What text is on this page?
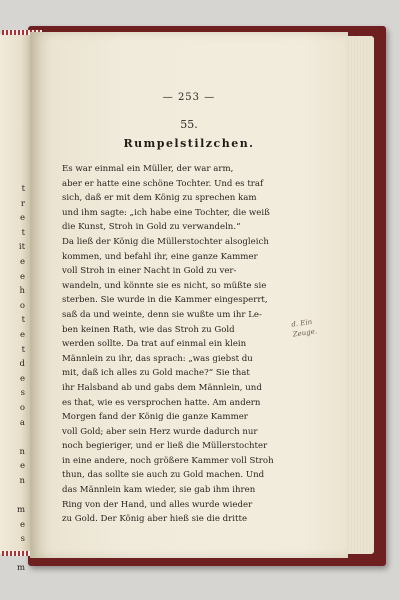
t
r
e
t
it
e
e
h
o
t
e
t
d
e
s
o
a
n
e
n
m
e
s
m
— 253 —
55.
Rumpelstilzchen.
Es war einmal ein Müller, der war arm,
aber er hatte eine schöne Tochter. Und es traf
sich, daß er mit dem König zu sprechen kam
und ihm sagte: „ich habe eine Tochter, die weiß
die Kunst, Stroh in Gold zu verwandeln.“
Da ließ der König die Müllerstochter alsogleich
kommen, und befahl ihr, eine ganze Kammer
voll Stroh in einer Nacht in Gold zu ver-
wandeln, und könnte sie es nicht, so müßte sie
sterben. Sie wurde in die Kammer eingesperrt,
saß da und weinte, denn sie wußte um ihr Le-
ben keinen Rath, wie das Stroh zu Gold
werden sollte. Da trat auf einmal ein klein
Männlein zu ihr, das sprach: „was giebst du
mit, daß ich alles zu Gold mache?“ Sie that
ihr Halsband ab und gabs dem Männlein, und
es that, wie es versprochen hatte. Am andern
Morgen fand der König die ganze Kammer
voll Gold; aber sein Herz wurde dadurch nur
noch begieriger, und er ließ die Müllerstochter
in eine andere, noch größere Kammer voll Stroh
thun, das sollte sie auch zu Gold machen. Und
das Männlein kam wieder, sie gab ihm ihren
Ring von der Hand, und alles wurde wieder
zu Gold. Der König aber hieß sie die dritte
d. Ein
Zeuge.
